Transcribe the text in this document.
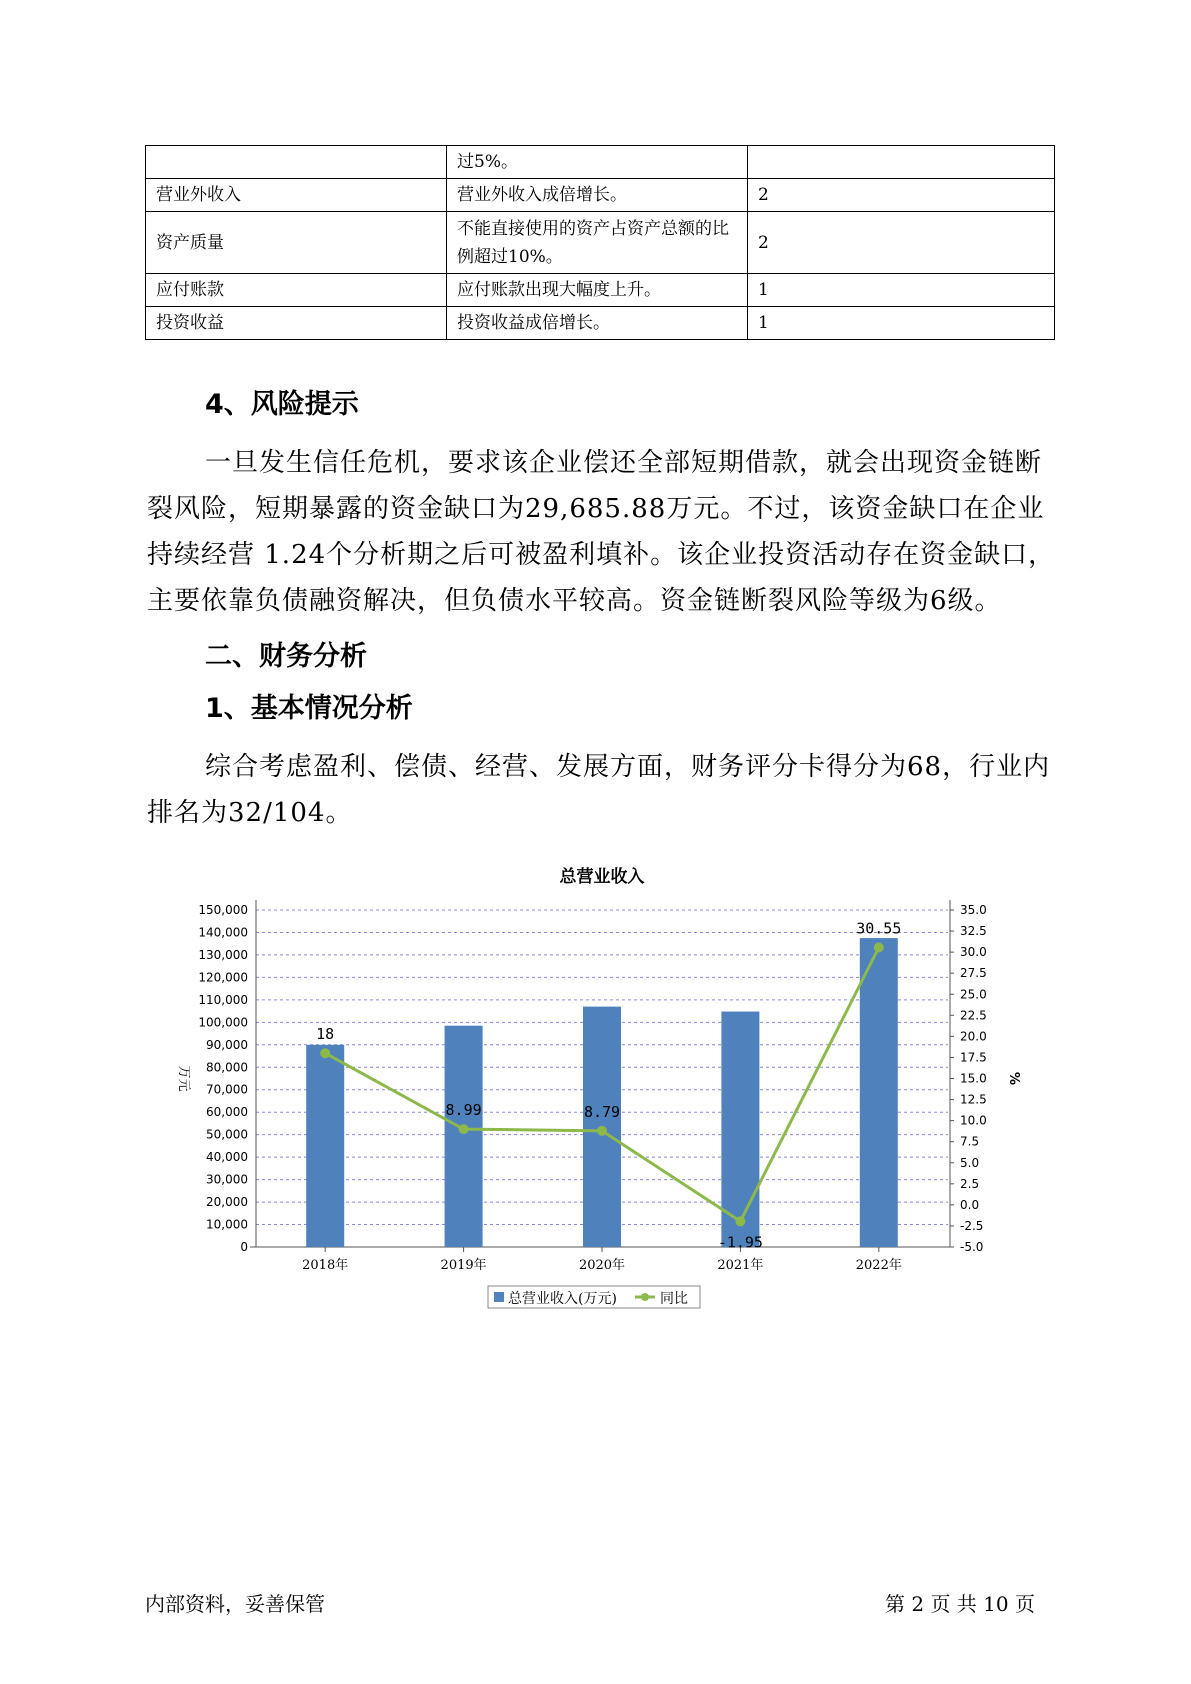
	过5%。	
营业外收入	营业外收入成倍增长。	2
资产质量	不能直接使用的资产占资产总额的比例超过10%。	2
应付账款	应付账款出现大幅度上升。	1
投资收益	投资收益成倍增长。	1
4、风险提示
一旦发生信任危机，要求该企业偿还全部短期借款，就会出现资金链断裂风险，短期暴露的资金缺口为29,685.88万元。不过，该资金缺口在企业持续经营 1.24个分析期之后可被盈利填补。该企业投资活动存在资金缺口，主要依靠负债融资解决，但负债水平较高。资金链断裂风险等级为6级。
二、财务分析
1、基本情况分析
综合考虑盈利、偿债、经营、发展方面，财务评分卡得分为68，行业内排名为32/104。
总营业收入
0
10,000
20,000
30,000
40,000
50,000
60,000
70,000
80,000
90,000
100,000
110,000
120,000
130,000
140,000
150,000
-5.0
-2.5
0.0
2.5
5.0
7.5
10.0
12.5
15.0
17.5
20.0
22.5
25.0
27.5
30.0
32.5
35.0
万元	%
2018年	2019年	2020年	2021年	2022年
18
8.99	8.79
-1.95
30.55
总营业收入(万元)	同比
内部资料，妥善保管	第 2 页 共 10 页
